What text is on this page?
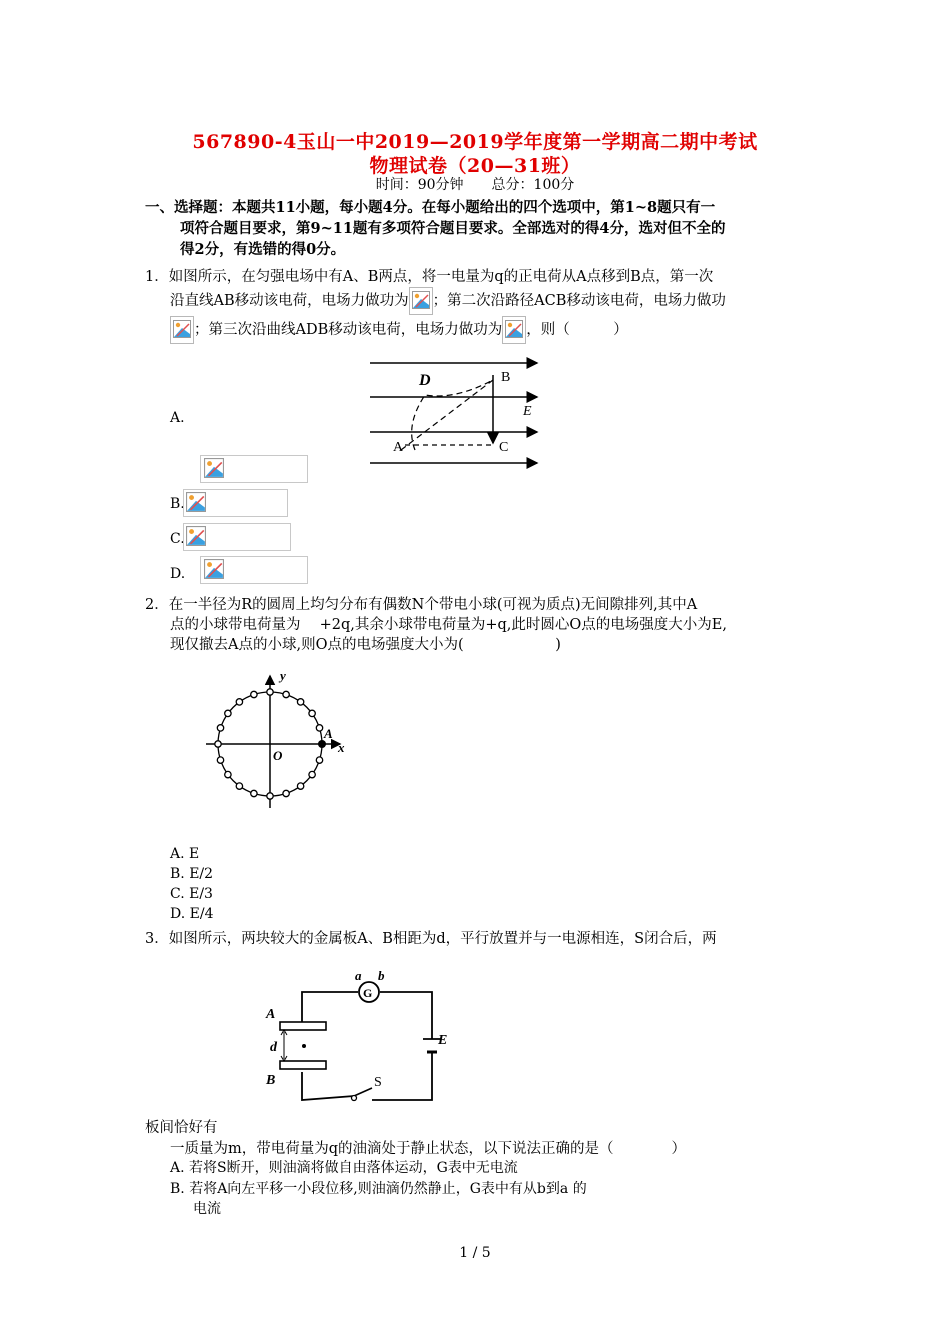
567890-4玉山一中2019—2019学年度第一学期高二期中考试
物理试卷（20—31班）
时间：90分钟　　总分：100分
一、选择题：本题共11小题，每小题4分。在每小题给出的四个选项中，第1~8题只有一
项符合题目要求，第9~11题有多项符合题目要求。全部选对的得4分，选对但不全的
得2分，有选错的得0分。
1．如图所示，在匀强电场中有A、B两点，将一电量为q的正电荷从A点移到B点，第一次
沿直线AB移动该电荷，电场力做功为 ；第二次沿路径ACB移动该电荷，电场力做功
；第三次沿曲线ADB移动该电荷，电场力做功为 ，则（　　　）
D	B
E
A	C
A.
B.
C.
D.
2．在一半径为R的圆周上均匀分布有偶数N个带电小球(可视为质点)无间隙排列,其中A
点的小球带电荷量为　 +2q,其余小球带电荷量为+q,此时圆心O点的电场强度大小为E,
现仅撤去A点的小球,则O点的电场强度大小为(　　　　　　 )
y
x
A
O
A. E
B. E/2
C. E/3
D. E/4
3．如图所示，两块较大的金属板A、B相距为d，平行放置并与一电源相连，S闭合后，两
G
a b
A
d	E
B	S
板间恰好有
一质量为m，带电荷量为q的油滴处于静止状态，以下说法正确的是（　　　　）
A. 若将S断开，则油滴将做自由落体运动，G表中无电流
B. 若将A向左平移一小段位移,则油滴仍然静止，G表中有从b到a 的
电流
1 / 5
